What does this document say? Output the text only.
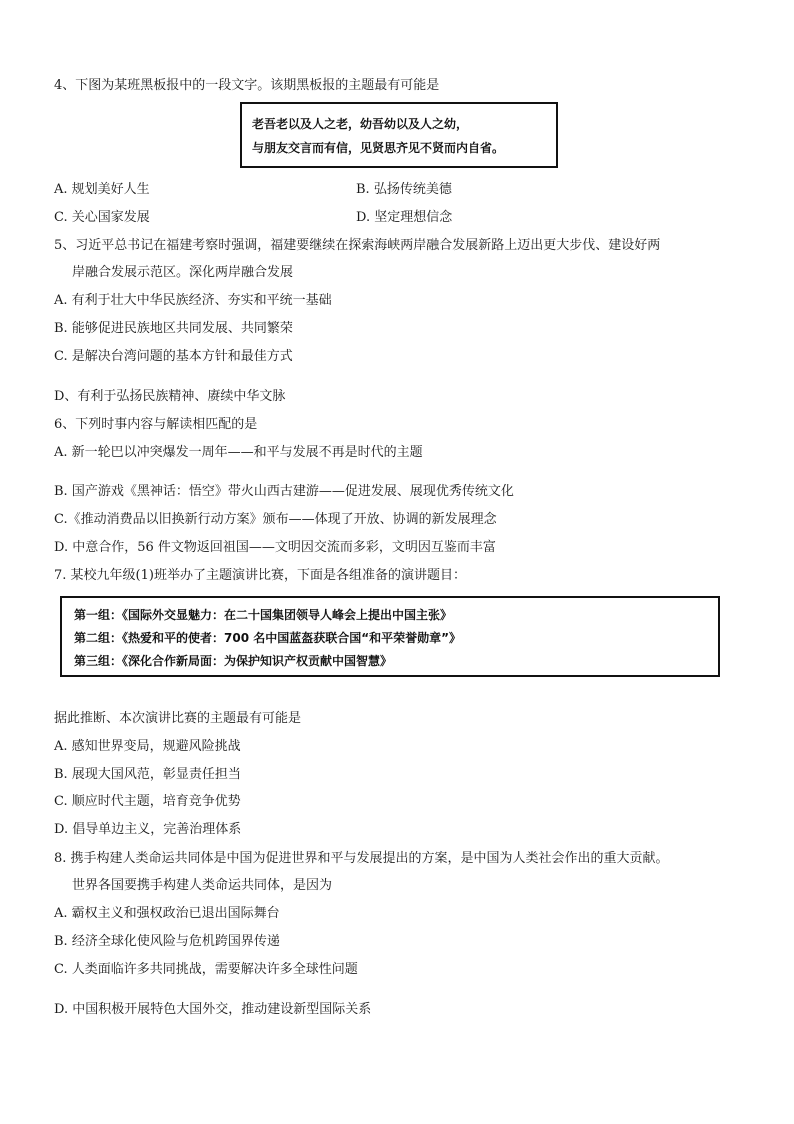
4、下图为某班黑板报中的一段文字。该期黑板报的主题最有可能是
老吾老以及人之老，幼吾幼以及人之幼，
与朋友交言而有信，见贤思齐见不贤而内自省。
A. 规划美好人生	B. 弘扬传统美德
C. 关心国家发展	D. 坚定理想信念
5、习近平总书记在福建考察时强调，福建要继续在探索海峡两岸融合发展新路上迈出更大步伐、建设好两
岸融合发展示范区。深化两岸融合发展
A. 有利于壮大中华民族经济、夯实和平统一基础
B. 能够促进民族地区共同发展、共同繁荣
C. 是解决台湾问题的基本方针和最佳方式
D、有利于弘扬民族精神、赓续中华文脉
6、下列时事内容与解读相匹配的是
A. 新一轮巴以冲突爆发一周年——和平与发展不再是时代的主题
B. 国产游戏《黑神话：悟空》带火山西古建游——促进发展、展现优秀传统文化
C.《推动消费品以旧换新行动方案》颁布——体现了开放、协调的新发展理念
D. 中意合作，56 件文物返回祖国——文明因交流而多彩，文明因互鉴而丰富
7. 某校九年级(1)班举办了主题演讲比赛，下面是各组准备的演讲题目：
第一组：《国际外交显魅力：在二十国集团领导人峰会上提出中国主张》
第二组：《热爱和平的使者：700 名中国蓝盔获联合国“和平荣誉勋章”》
第三组：《深化合作新局面：为保护知识产权贡献中国智慧》
据此推断、本次演讲比赛的主题最有可能是
A. 感知世界变局，规避风险挑战
B. 展现大国风范，彰显责任担当
C. 顺应时代主题，培育竞争优势
D. 倡导单边主义，完善治理体系
8. 携手构建人类命运共同体是中国为促进世界和平与发展提出的方案，是中国为人类社会作出的重大贡献。
世界各国要携手构建人类命运共同体，是因为
A. 霸权主义和强权政治已退出国际舞台
B. 经济全球化使风险与危机跨国界传递
C. 人类面临许多共同挑战，需要解决许多全球性问题
D. 中国积极开展特色大国外交，推动建设新型国际关系
